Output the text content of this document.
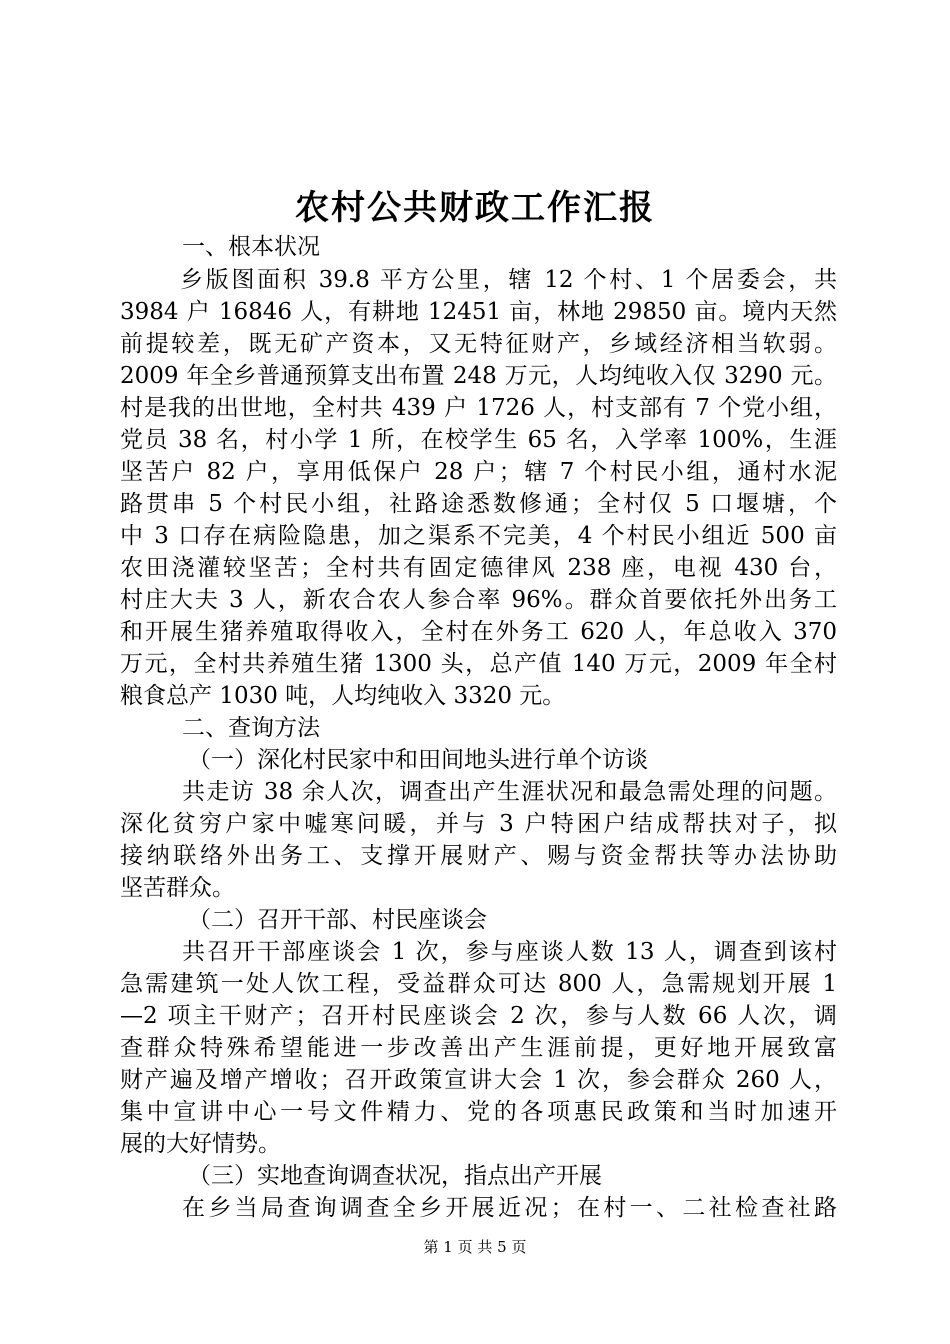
农村公共财政工作汇报
一、根本状况
乡版图面积 39.8 平方公里，辖 12 个村、1 个居委会，共
3984 户 16846 人，有耕地 12451 亩，林地 29850 亩。境内天然
前提较差，既无矿产资本，又无特征财产，乡域经济相当软弱。
2009 年全乡普通预算支出布置 248 万元，人均纯收入仅 3290 元。
村是我的出世地，全村共 439 户 1726 人，村支部有 7 个党小组，
党员 38 名，村小学 1 所，在校学生 65 名，入学率 100%，生涯
坚苦户 82 户，享用低保户 28 户；辖 7 个村民小组，通村水泥
路贯串 5 个村民小组，社路途悉数修通；全村仅 5 口堰塘，个
中 3 口存在病险隐患，加之渠系不完美，4 个村民小组近 500 亩
农田浇灌较坚苦；全村共有固定德律风 238 座，电视 430 台，
村庄大夫 3 人，新农合农人参合率 96%。群众首要依托外出务工
和开展生猪养殖取得收入，全村在外务工 620 人，年总收入 370
万元，全村共养殖生猪 1300 头，总产值 140 万元，2009 年全村
粮食总产 1030 吨，人均纯收入 3320 元。
二、查询方法
（一）深化村民家中和田间地头进行单个访谈
共走访 38 余人次，调查出产生涯状况和最急需处理的问题。
深化贫穷户家中嘘寒问暖，并与 3 户特困户结成帮扶对子，拟
接纳联络外出务工、支撑开展财产、赐与资金帮扶等办法协助
坚苦群众。
（二）召开干部、村民座谈会
共召开干部座谈会 1 次，参与座谈人数 13 人，调查到该村
急需建筑一处人饮工程，受益群众可达 800 人，急需规划开展 1
—2 项主干财产；召开村民座谈会 2 次，参与人数 66 人次，调
查群众特殊希望能进一步改善出产生涯前提，更好地开展致富
财产遍及增产增收；召开政策宣讲大会 1 次，参会群众 260 人，
集中宣讲中心一号文件精力、党的各项惠民政策和当时加速开
展的大好情势。
（三）实地查询调查状况，指点出产开展
在乡当局查询调查全乡开展近况；在村一、二社检查社路
第 1 页 共 5 页
